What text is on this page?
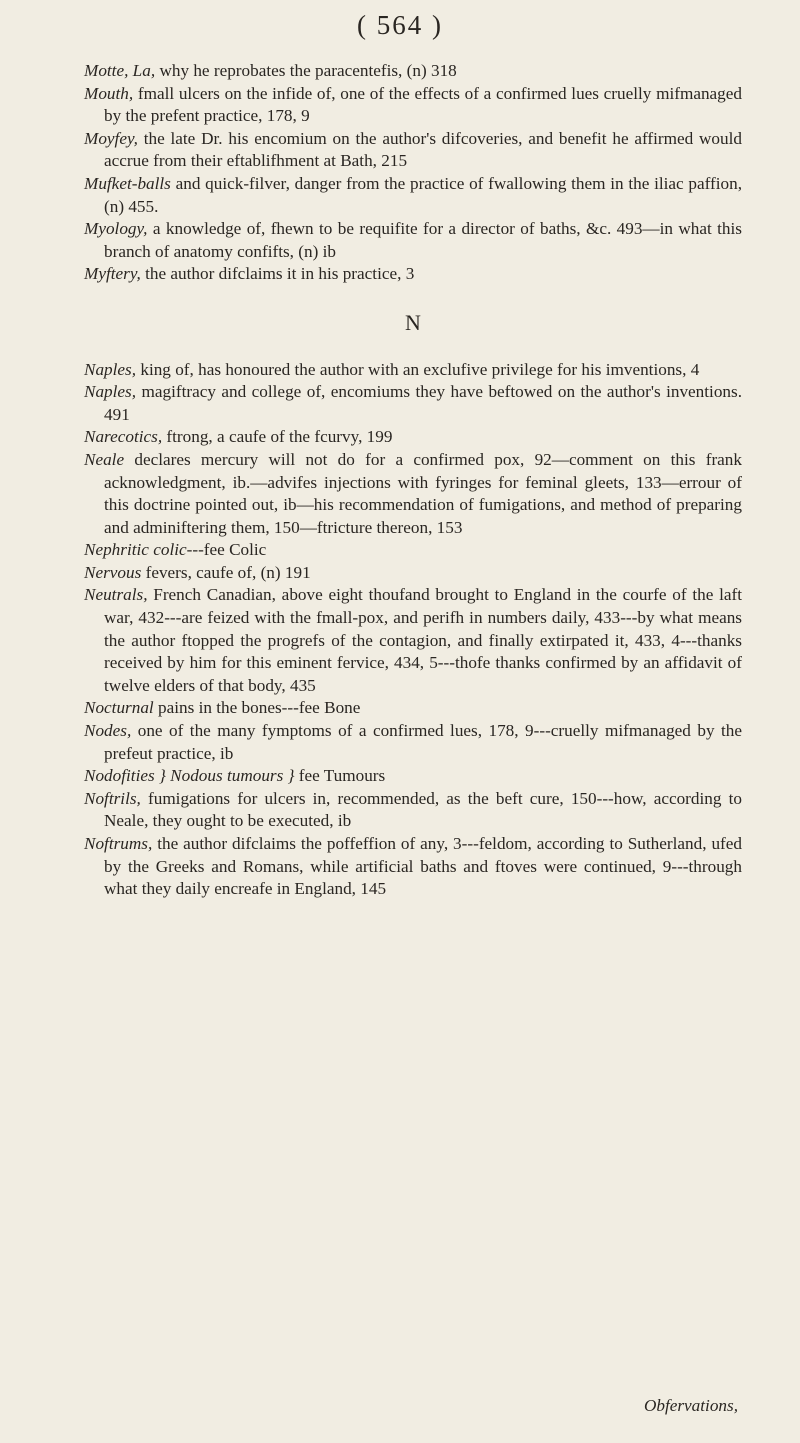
( 564 )

Motte, La, why he reprobates the paracentefis, (n) 318

Mouth, fmall ulcers on the infide of, one of the effects of a confirmed lues cruelly mifmanaged by the prefent practice, 178, 9

Moyfey, the late Dr. his encomium on the author's difcoveries, and benefit he affirmed would accrue from their eftablifhment at Bath, 215

Mufket-balls and quick-filver, danger from the practice of fwallowing them in the iliac paffion, (n) 455.

Myology, a knowledge of, fhewn to be requifite for a director of baths, &c. 493—in what this branch of anatomy confifts, (n) ib

Myftery, the author difclaims it in his practice, 3

N

Naples, king of, has honoured the author with an exclufive privilege for his imventions, 4

Naples, magiftracy and college of, encomiums they have beftowed on the author's inventions. 491

Narecotics, ftrong, a caufe of the fcurvy, 199

Neale declares mercury will not do for a confirmed pox, 92—comment on this frank acknowledgment, ib.—advifes injections with fyringes for feminal gleets, 133—errour of this doctrine pointed out, ib—his recommendation of fumigations, and method of preparing and adminiftering them, 150—ftricture thereon, 153

Nephritic colic---fee Colic

Nervous fevers, caufe of, (n) 191

Neutrals, French Canadian, above eight thoufand brought to England in the courfe of the laft war, 432---are feized with the fmall-pox, and perifh in numbers daily, 433---by what means the author ftopped the progrefs of the contagion, and finally extirpated it, 433, 4---thanks received by him for this eminent fervice, 434, 5---thofe thanks confirmed by an affidavit of twelve elders of that body, 435

Nocturnal pains in the bones---fee Bone

Nodes, one of the many fymptoms of a confirmed lues, 178, 9---cruelly mifmanaged by the prefeut practice, ib

Nodofities } Nodous tumours } fee Tumours

Noftrils, fumigations for ulcers in, recommended, as the beft cure, 150---how, according to Neale, they ought to be executed, ib

Noftrums, the author difclaims the poffeffion of any, 3---feldom, according to Sutherland, ufed by the Greeks and Romans, while artificial baths and ftoves were continued, 9---through what they daily encreafe in England, 145

Obfervations,
